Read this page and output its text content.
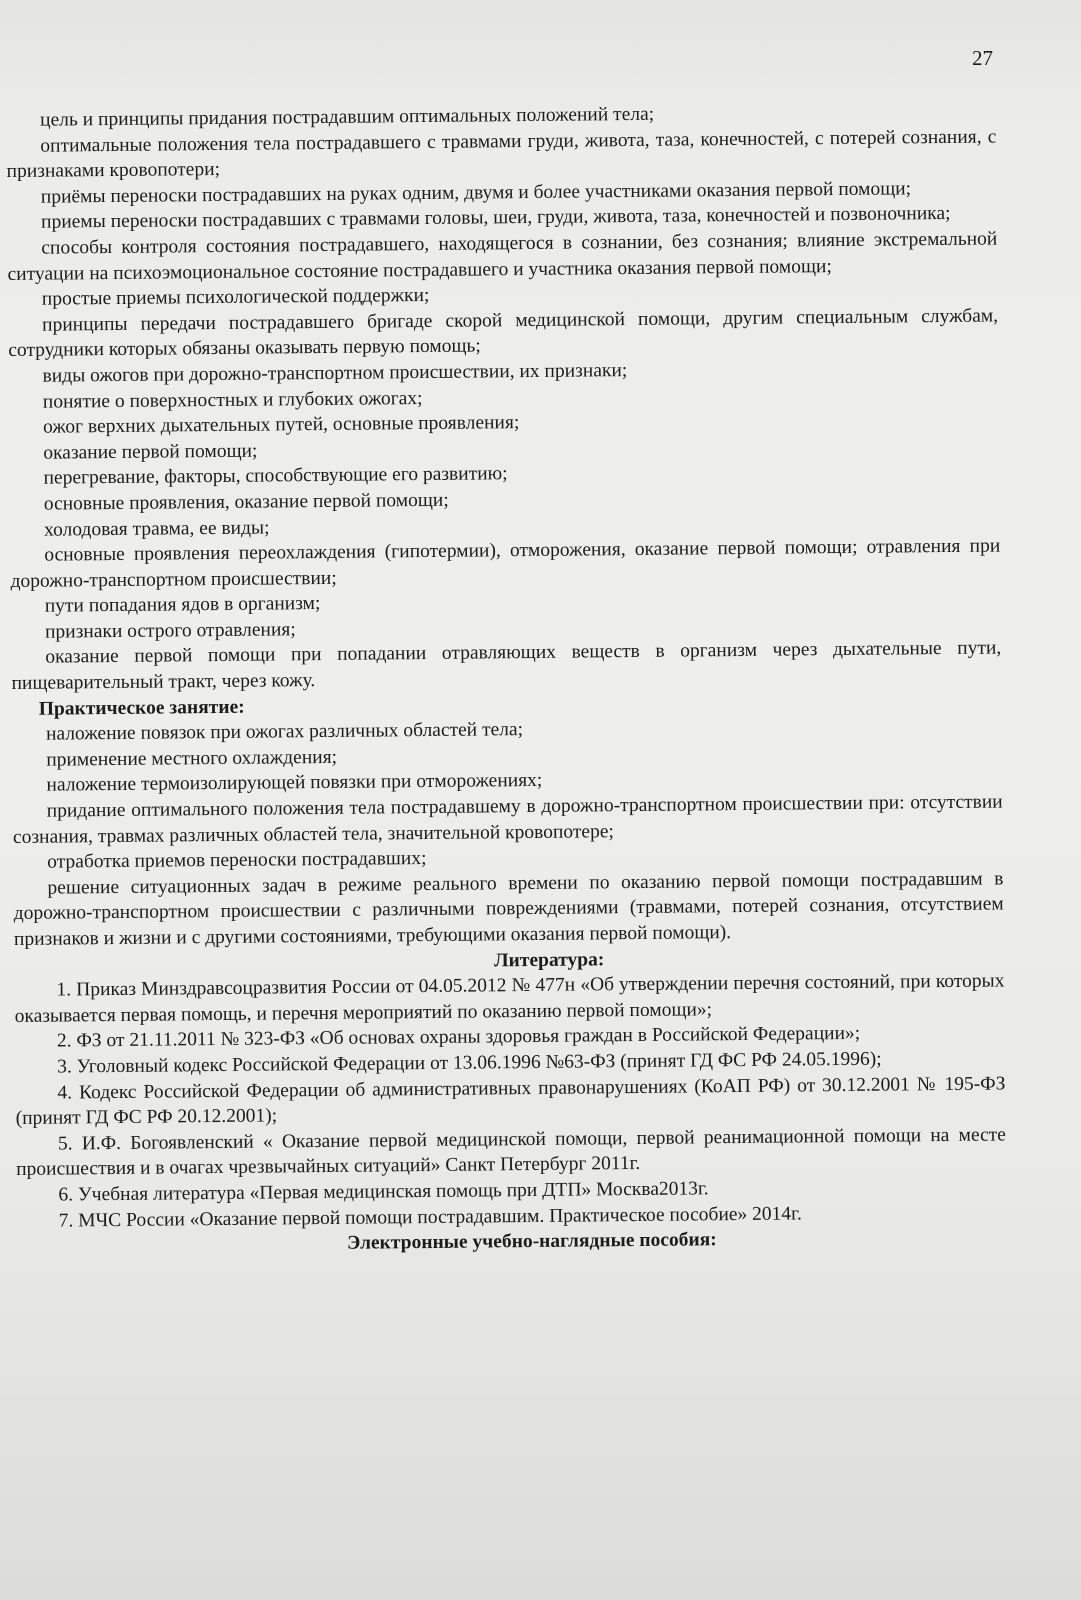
27

цель и принципы придания пострадавшим оптимальных положений тела;

оптимальные положения тела пострадавшего с травмами груди, живота, таза, конечностей, с потерей сознания, с признаками кровопотери;

приёмы переноски пострадавших на руках одним, двумя и более участниками оказания первой помощи;

приемы переноски пострадавших с травмами головы, шеи, груди, живота, таза, конечностей и позвоночника;

способы контроля состояния пострадавшего, находящегося в сознании, без сознания; влияние экстремальной ситуации на психоэмоциональное состояние пострадавшего и участника оказания первой помощи;

простые приемы психологической поддержки;

принципы передачи пострадавшего бригаде скорой медицинской помощи, другим специальным службам, сотрудники которых обязаны оказывать первую помощь;

виды ожогов при дорожно-транспортном происшествии, их признаки;

понятие о поверхностных и глубоких ожогах;

ожог верхних дыхательных путей, основные проявления;

оказание первой помощи;

перегревание, факторы, способствующие его развитию;

основные проявления, оказание первой помощи;

холодовая травма, ее виды;

основные проявления переохлаждения (гипотермии), отморожения, оказание первой помощи; отравления при дорожно-транспортном происшествии;

пути попадания ядов в организм;

признаки острого отравления;

оказание первой помощи при попадании отравляющих веществ в организм через дыхательные пути, пищеварительный тракт, через кожу.

Практическое занятие:

наложение повязок при ожогах различных областей тела;

применение местного охлаждения;

наложение термоизолирующей повязки при отморожениях;

придание оптимального положения тела пострадавшему в дорожно-транспортном происшествии при: отсутствии сознания, травмах различных областей тела, значительной кровопотере;

отработка приемов переноски пострадавших;

решение ситуационных задач в режиме реального времени по оказанию первой помощи пострадавшим в дорожно-транспортном происшествии с различными повреждениями (травмами, потерей сознания, отсутствием признаков и жизни и с другими состояниями, требующими оказания первой помощи).

Литература:

1. Приказ Минздравсоцразвития России от 04.05.2012 № 477н «Об утверждении перечня состояний, при которых оказывается первая помощь, и перечня мероприятий по оказанию первой помощи»;

2. ФЗ от 21.11.2011 № 323-ФЗ «Об основах охраны здоровья граждан в Российской Федерации»;

3. Уголовный кодекс Российской Федерации от 13.06.1996 №63-ФЗ (принят ГД ФС РФ 24.05.1996);

4. Кодекс Российской Федерации об административных правонарушениях (КоАП РФ) от 30.12.2001 № 195-ФЗ (принят ГД ФС РФ 20.12.2001);

5. И.Ф. Богоявленский « Оказание первой медицинской помощи, первой реанимационной помощи на месте происшествия и в очагах чрезвычайных ситуаций» Санкт Петербург 2011г.

6. Учебная литература «Первая медицинская помощь при ДТП» Москва2013г.

7. МЧС России «Оказание первой помощи пострадавшим. Практическое пособие» 2014г.

Электронные учебно-наглядные пособия:
